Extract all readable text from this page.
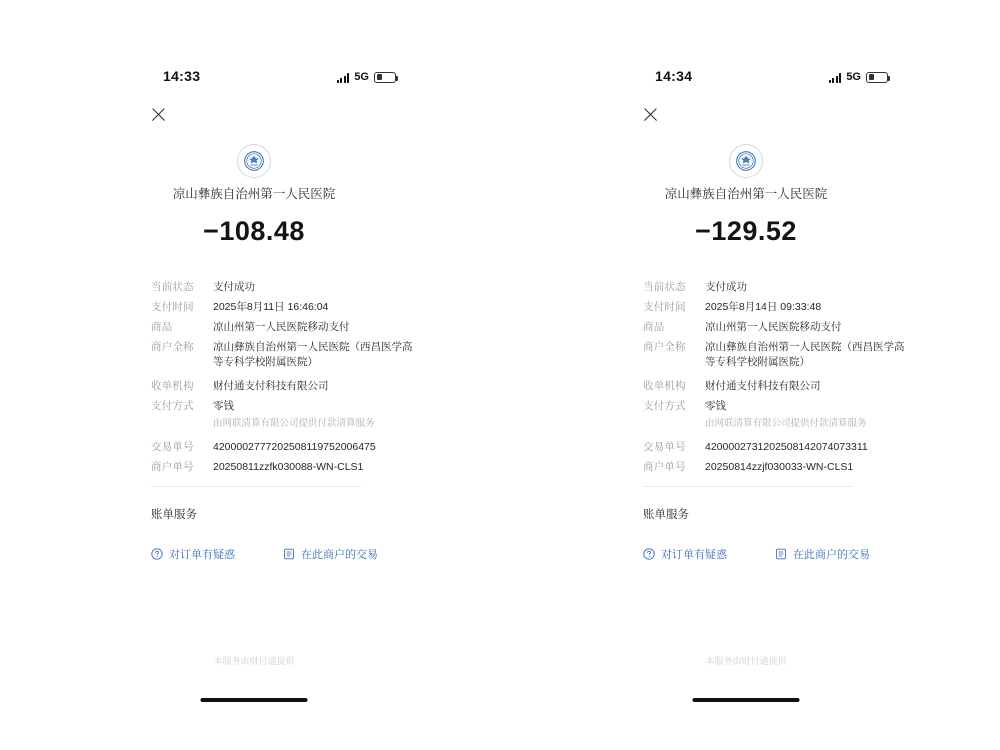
14:33	5G
凉山彝族自治州第一人民医院
−108.48
当前状态	支付成功
支付时间	2025年8月11日 16:46:04
商品	凉山州第一人民医院移动支付
商户全称	凉山彝族自治州第一人民医院（西昌医学高等专科学校附属医院）
收单机构	财付通支付科技有限公司
支付方式	零钱
由网联清算有限公司提供付款清算服务
交易单号	4200002777202508119752006475
商户单号	20250811zzfk030088-WN-CLS1
账单服务
对订单有疑惑	在此商户的交易
本服务由财付通提供
14:34	5G
凉山彝族自治州第一人民医院
−129.52
当前状态	支付成功
支付时间	2025年8月14日 09:33:48
商品	凉山州第一人民医院移动支付
商户全称	凉山彝族自治州第一人民医院（西昌医学高等专科学校附属医院）
收单机构	财付通支付科技有限公司
支付方式	零钱
由网联清算有限公司提供付款清算服务
交易单号	4200002731202508142074073311
商户单号	20250814zzjf030033-WN-CLS1
账单服务
对订单有疑惑	在此商户的交易
本服务由财付通提供
